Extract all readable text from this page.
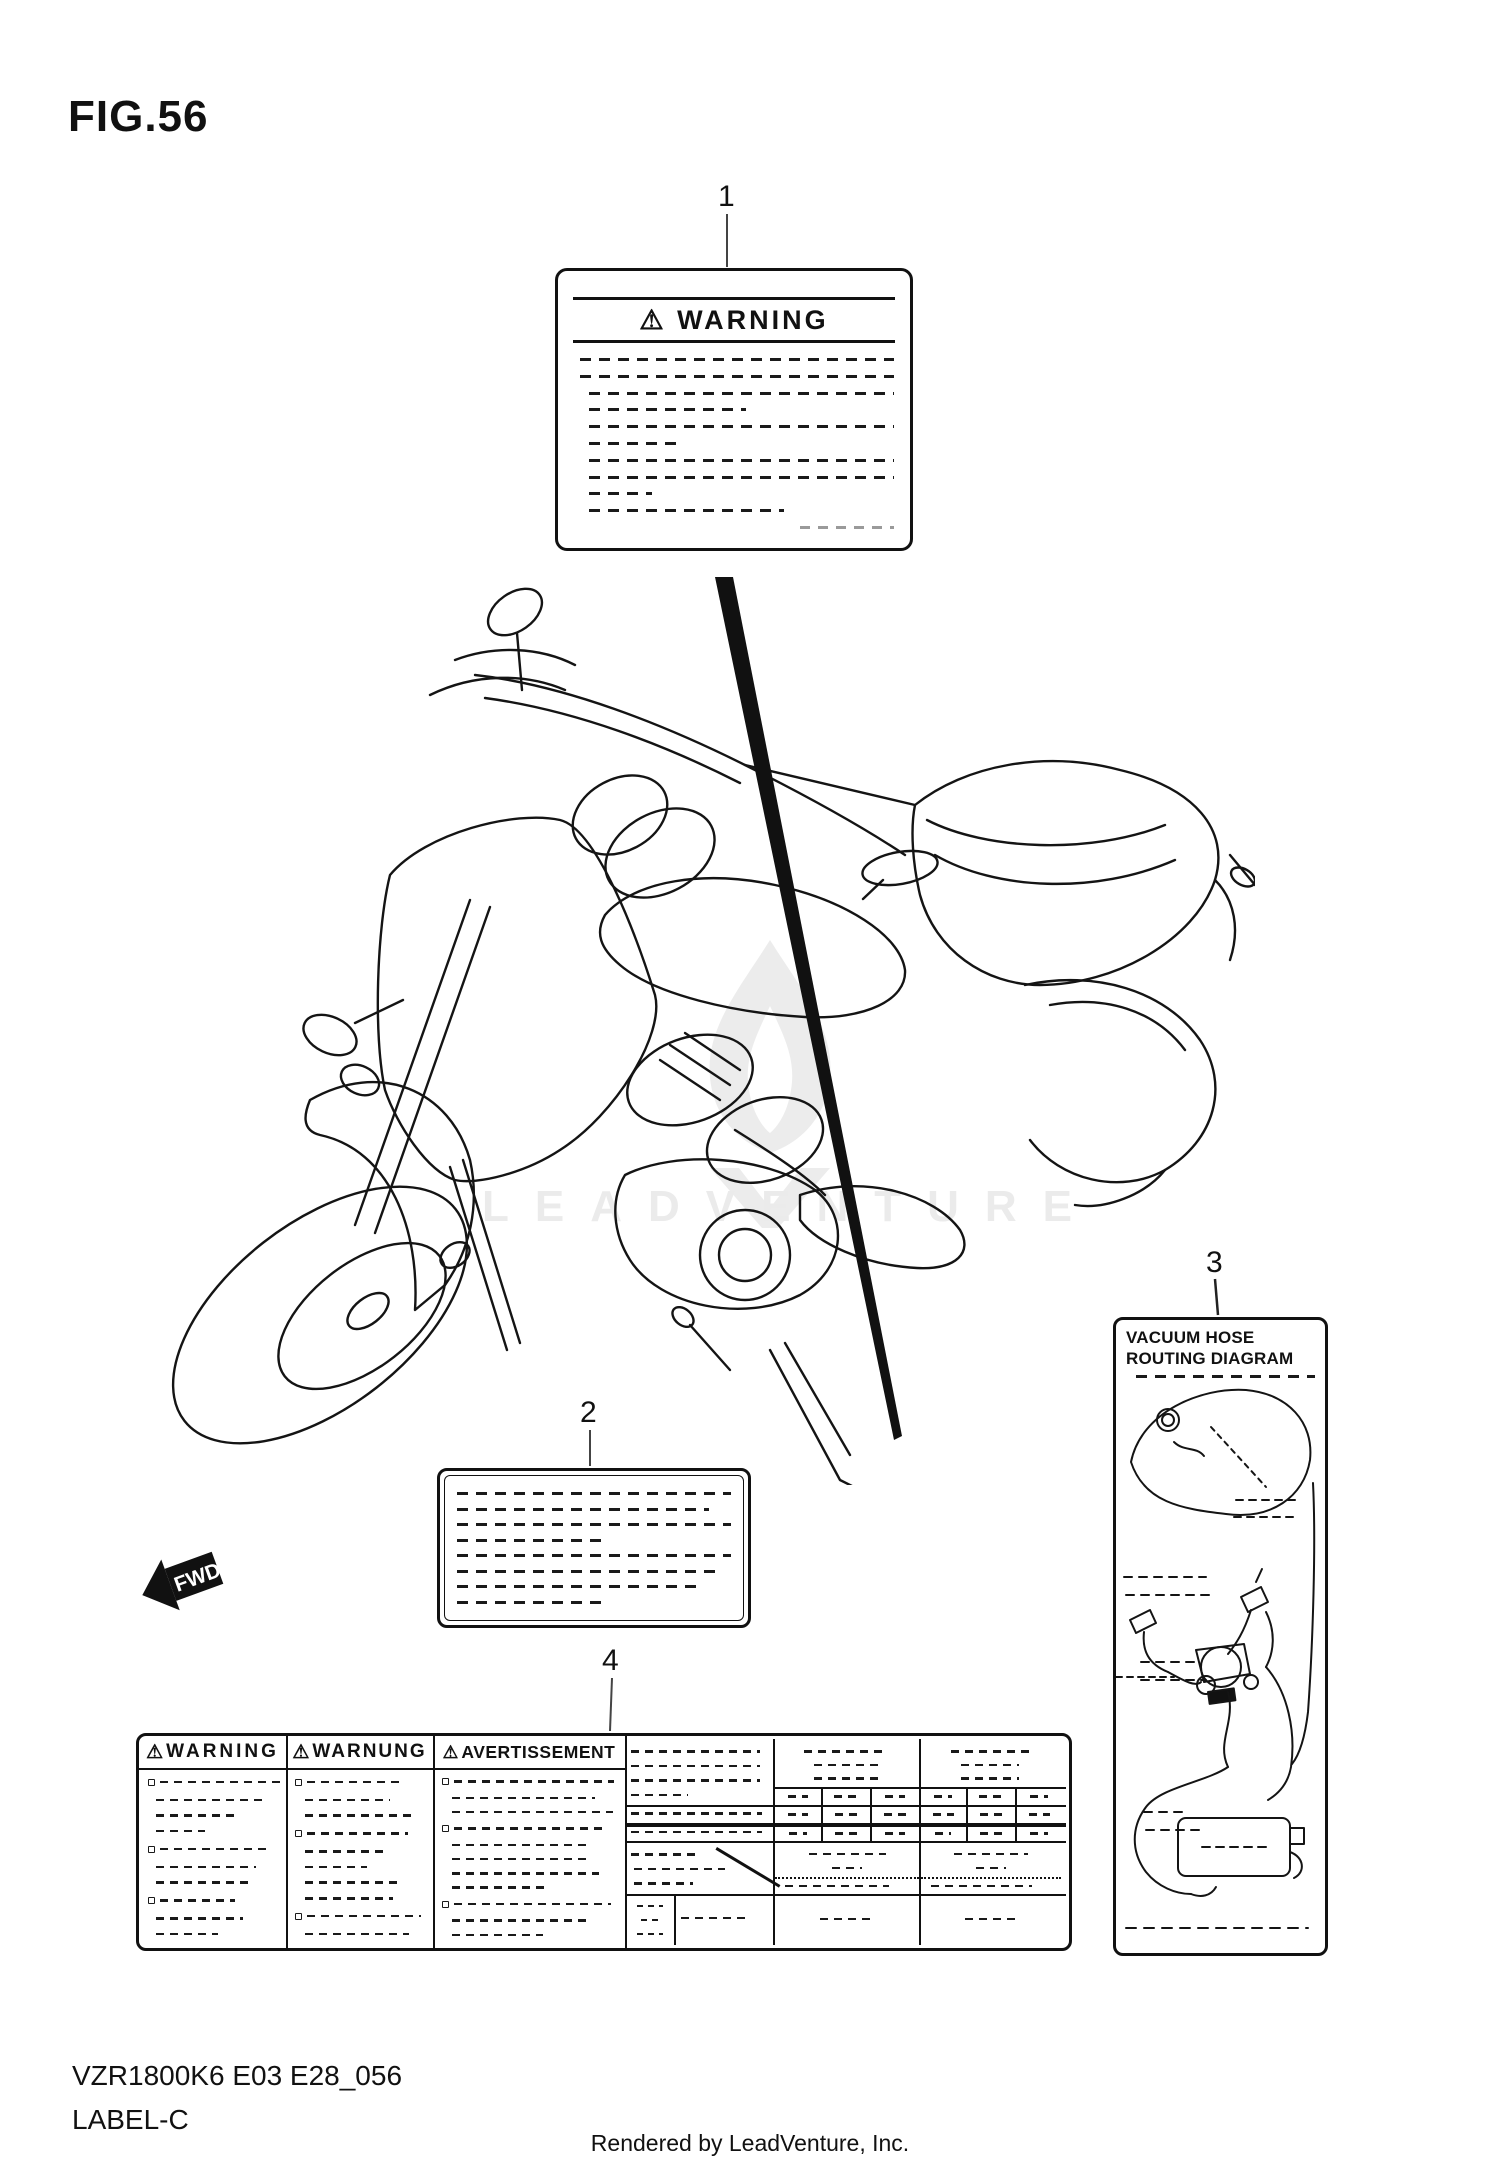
LEADVENTURE
FIG.56
1
2
3
4
⚠
WARNING
FWD
VACUUM HOSE
ROUTING DIAGRAM
⚠ WARNING ⚠ WARNUNG ⚠ AVERTISSEMENT
VZR1800K6 E03 E28_056
LABEL-C
Rendered by LeadVenture, Inc.
